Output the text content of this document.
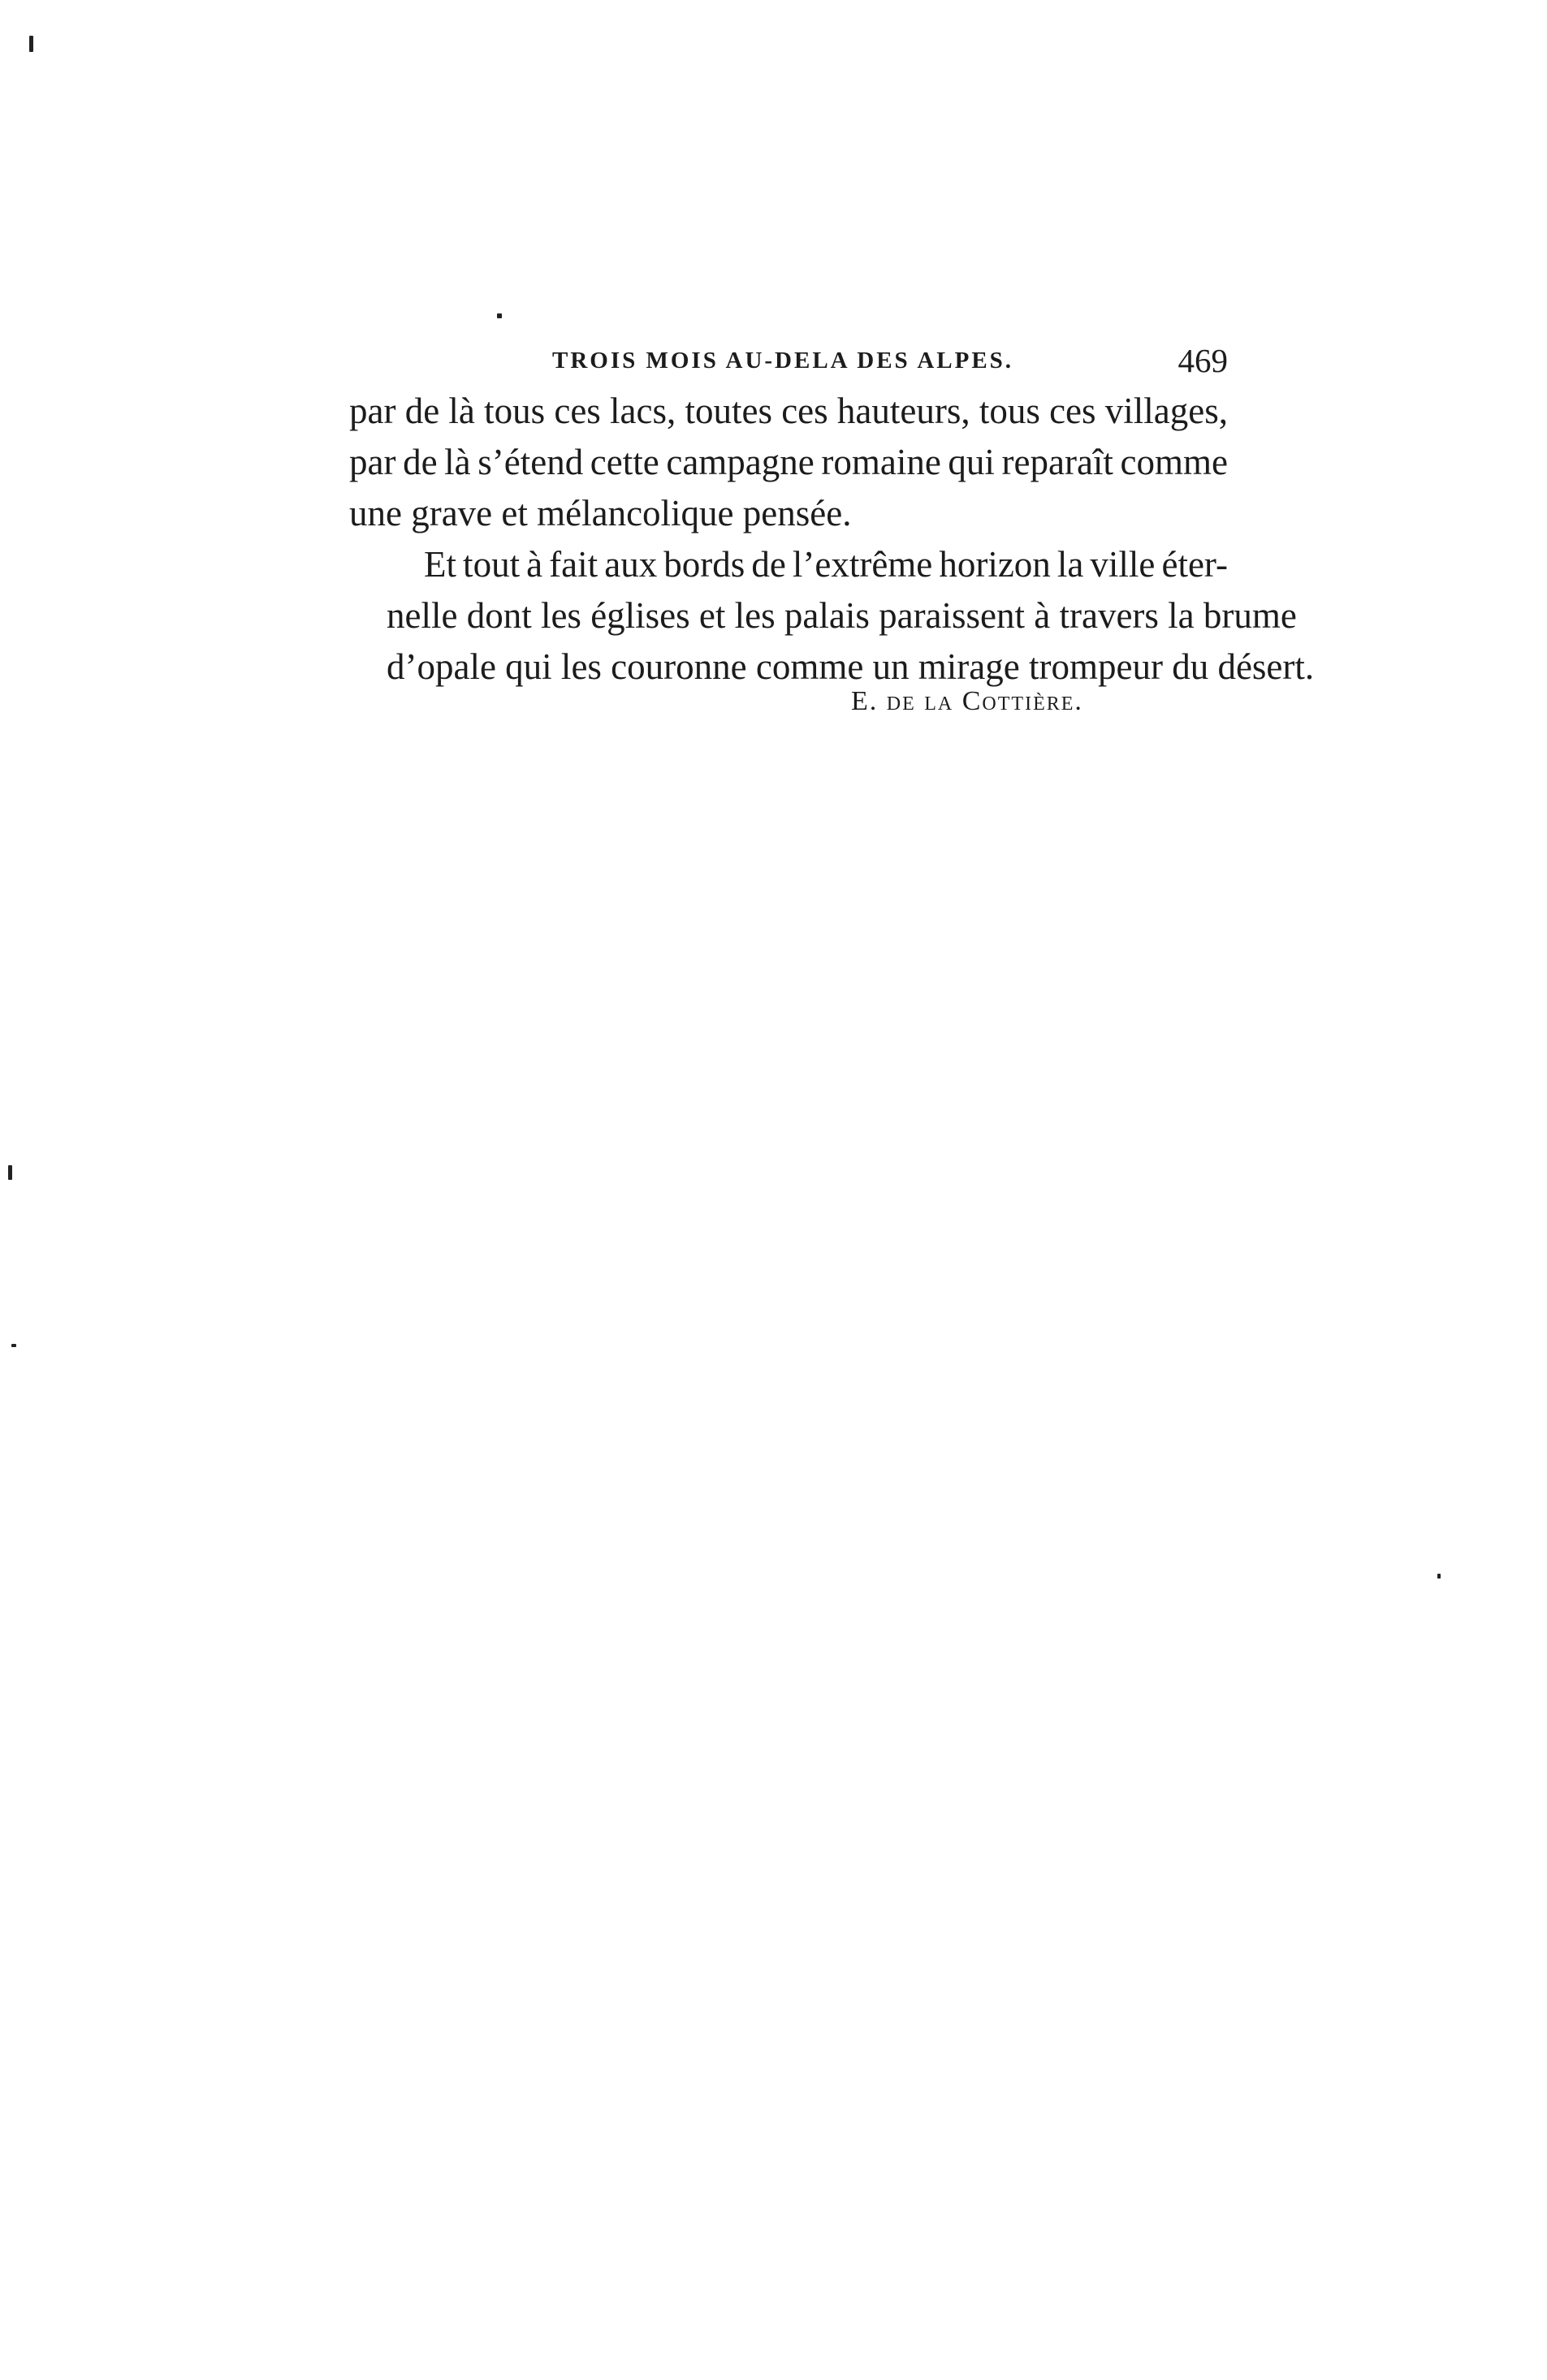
TROIS MOIS AU-DELA DES ALPES.	469

par de là tous ces lacs, toutes ces hauteurs, tous ces villages,
par de là s’étend cette campagne romaine qui reparaît comme
une grave et mélancolique pensée.

Et tout à fait aux bords de l’extrême horizon la ville éter-
nelle dont les églises et les palais paraissent à travers la brume
d’opale qui les couronne comme un mirage trompeur du désert.

E. de la Cottière.
